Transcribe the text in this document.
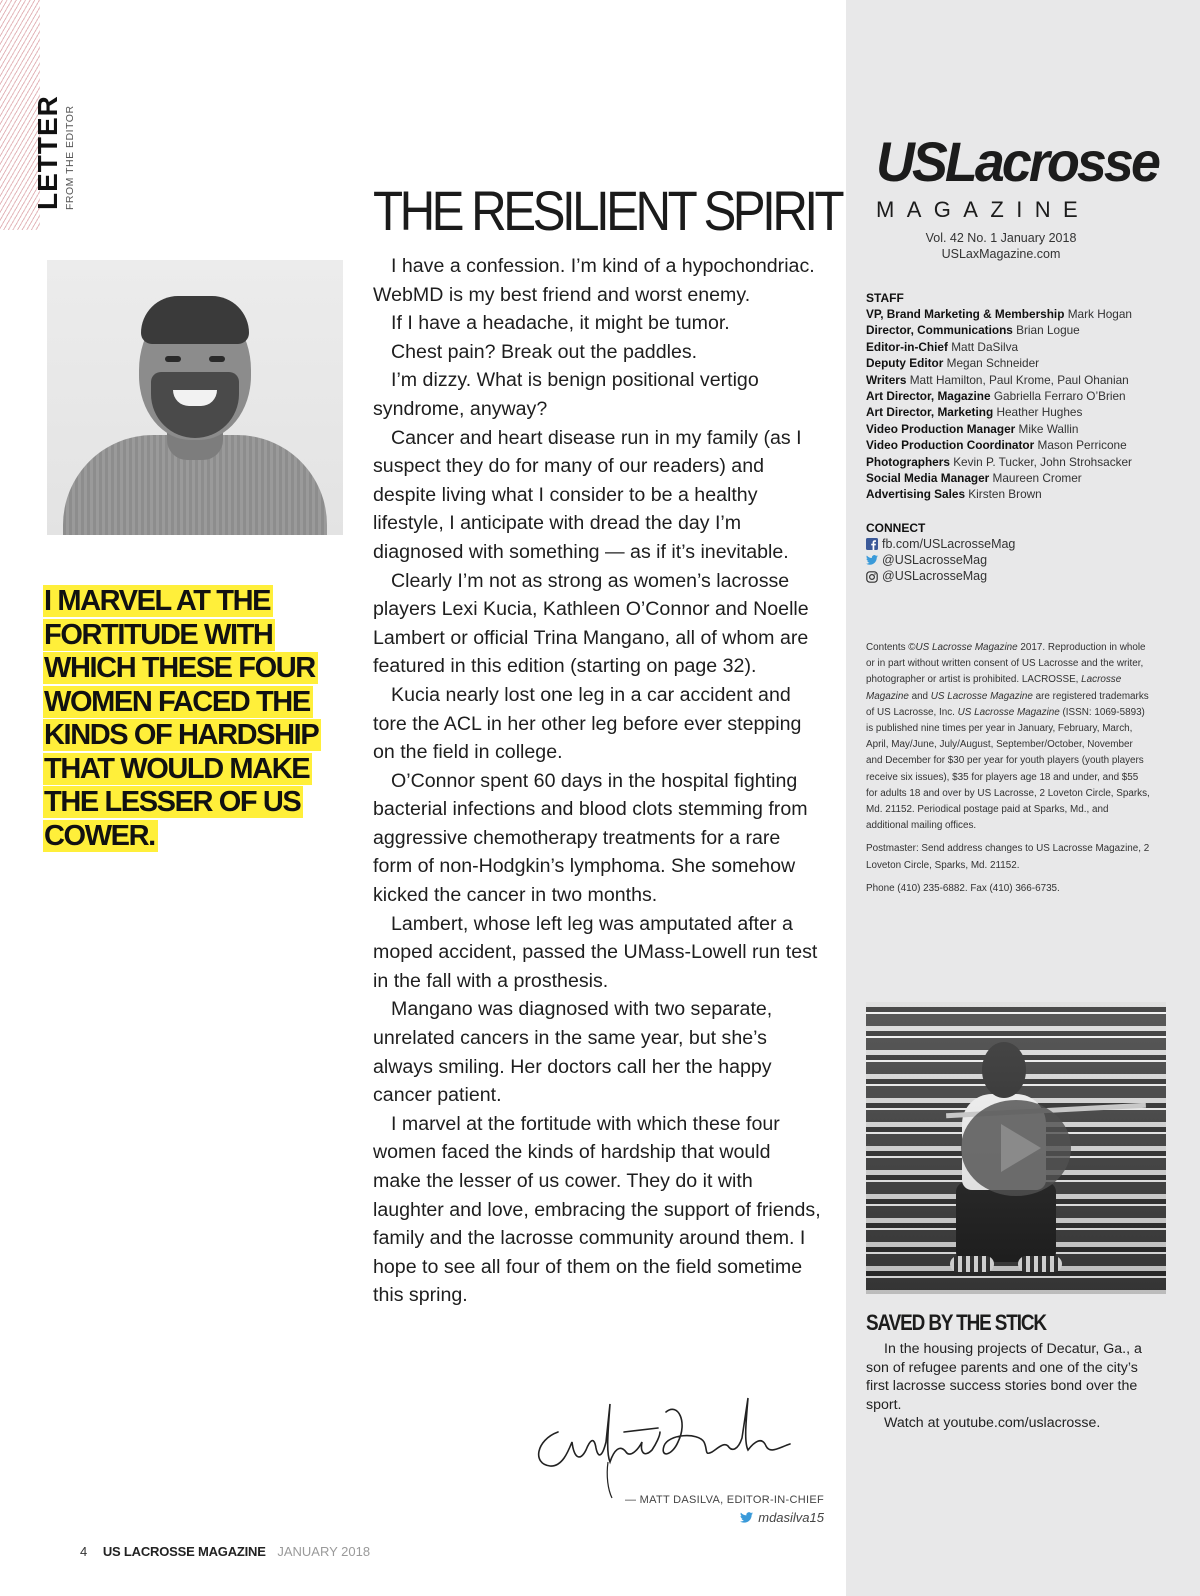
LETTER FROM THE EDITOR
I MARVEL AT THE FORTITUDE WITH WHICH THESE FOUR WOMEN FACED THE KINDS OF HARDSHIP THAT WOULD MAKE THE LESSER OF US COWER.
4 US LACROSSE MAGAZINE JANUARY 2018
THE RESILIENT SPIRIT

I have a confession. I’m kind of a hypochondriac. WebMD is my best friend and worst enemy.

If I have a headache, it might be tumor.

Chest pain? Break out the paddles.

I’m dizzy. What is benign positional vertigo syndrome, anyway?

Cancer and heart disease run in my family (as I suspect they do for many of our readers) and despite living what I consider to be a healthy lifestyle, I anticipate with dread the day I’m diagnosed with something — as if it’s inevitable.

Clearly I’m not as strong as women’s lacrosse players Lexi Kucia, Kathleen O’Connor and Noelle Lambert or official Trina Mangano, all of whom are featured in this edition (starting on page 32).

Kucia nearly lost one leg in a car accident and tore the ACL in her other leg before ever stepping on the field in college.

O’Connor spent 60 days in the hospital fighting bacterial infections and blood clots stemming from aggressive chemotherapy treatments for a rare form of non-Hodgkin’s lymphoma. She somehow kicked the cancer in two months.

Lambert, whose left leg was amputated after a moped accident, passed the UMass-Lowell run test in the fall with a prosthesis.

Mangano was diagnosed with two separate, unrelated cancers in the same year, but she’s always smiling. Her doctors call her the happy cancer patient.

I marvel at the fortitude with which these four women faced the kinds of hardship that would make the lesser of us cower. They do it with laughter and love, embracing the support of friends, family and the lacrosse community around them. I hope to see all four of them on the field sometime this spring.

— MATT DASILVA, EDITOR-IN-CHIEF
mdasilva15
USLacrosse
MAGAZINE
Vol. 42 No. 1 January 2018
USLaxMagazine.com
STAFF
VP, Brand Marketing & Membership Mark Hogan
Director, Communications Brian Logue
Editor-in-Chief Matt DaSilva
Deputy Editor Megan Schneider
Writers Matt Hamilton, Paul Krome, Paul Ohanian
Art Director, Magazine Gabriella Ferraro O’Brien
Art Director, Marketing Heather Hughes
Video Production Manager Mike Wallin
Video Production Coordinator Mason Perricone
Photographers Kevin P. Tucker, John Strohsacker
Social Media Manager Maureen Cromer
Advertising Sales Kirsten Brown
CONNECT
fb.com/USLacrosseMag
@USLacrosseMag
@USLacrosseMag

Contents ©US Lacrosse Magazine 2017. Reproduction in whole or in part without written consent of US Lacrosse and the writer, photographer or artist is prohibited. LACROSSE, Lacrosse Magazine and US Lacrosse Magazine are registered trademarks of US Lacrosse, Inc. US Lacrosse Magazine (ISSN: 1069-5893) is published nine times per year in January, February, March, April, May/June, July/August, September/October, November and December for $30 per year for youth players (youth players receive six issues), $35 for players age 18 and under, and $55 for adults 18 and over by US Lacrosse, 2 Loveton Circle, Sparks, Md. 21152. Periodical postage paid at Sparks, Md., and additional mailing offices.

Postmaster: Send address changes to US Lacrosse Magazine, 2 Loveton Circle, Sparks, Md. 21152.

Phone (410) 235-6882. Fax (410) 366-6735.

SAVED BY THE STICK

In the housing projects of Decatur, Ga., a son of refugee parents and one of the city’s first lacrosse success stories bond over the sport.

Watch at youtube.com/uslacrosse.
